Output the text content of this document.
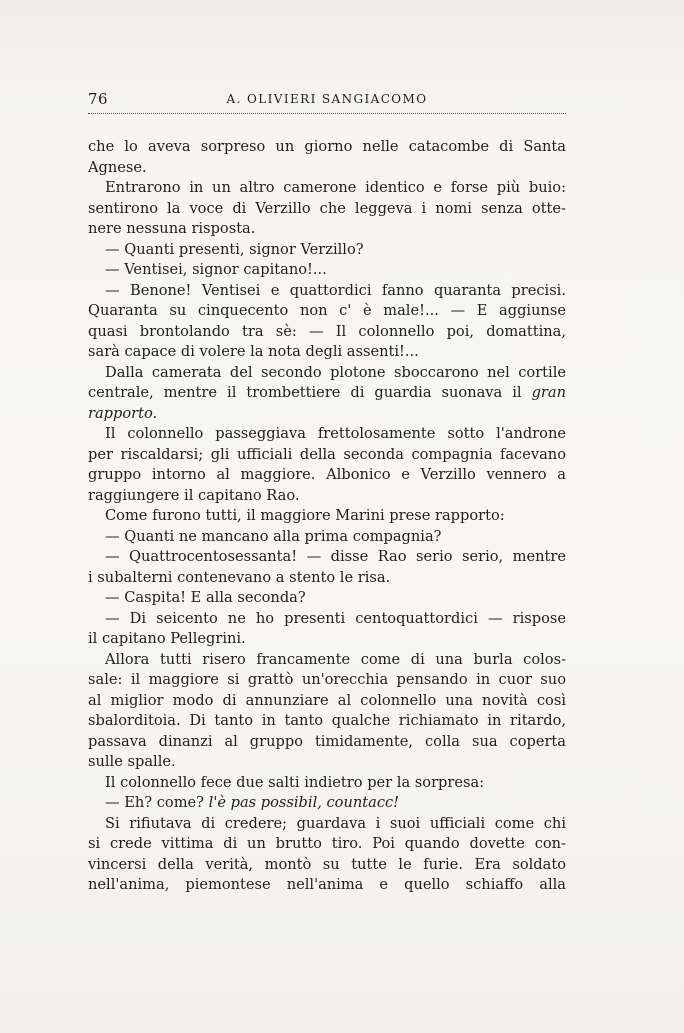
76	A. OLIVIERI SANGIACOMO
che lo aveva sorpreso un giorno nelle catacombe di Santa
Agnese.
Entrarono in un altro camerone identico e forse più buio:
sentirono la voce di Verzillo che leggeva i nomi senza otte-
nere nessuna risposta.
— Quanti presenti, signor Verzillo?
— Ventisei, signor capitano!...
— Benone! Ventisei e quattordici fanno quaranta precisi.
Quaranta su cinquecento non c' è male!... — E aggiunse
quasi brontolando tra sè: — Il colonnello poi, domattina,
sarà capace di volere la nota degli assenti!...
Dalla camerata del secondo plotone sboccarono nel cortile
centrale, mentre il trombettiere di guardia suonava il gran
rapporto.
Il colonnello passeggiava frettolosamente sotto l'androne
per riscaldarsi; gli ufficiali della seconda compagnia facevano
gruppo intorno al maggiore. Albonico e Verzillo vennero a
raggiungere il capitano Rao.
Come furono tutti, il maggiore Marini prese rapporto:
— Quanti ne mancano alla prima compagnia?
— Quattrocentosessanta! — disse Rao serio serio, mentre
i subalterni contenevano a stento le risa.
— Caspita! E alla seconda?
— Di seicento ne ho presenti centoquattordici — rispose
il capitano Pellegrini.
Allora tutti risero francamente come di una burla colos-
sale: il maggiore si grattò un'orecchia pensando in cuor suo
al miglior modo di annunziare al colonnello una novità così
sbalorditoia. Di tanto in tanto qualche richiamato in ritardo,
passava dinanzi al gruppo timidamente, colla sua coperta
sulle spalle.
Il colonnello fece due salti indietro per la sorpresa:
— Eh? come? l'è pas possibil, countacc!
Si rifiutava di credere; guardava i suoi ufficiali come chi
si crede vittima di un brutto tiro. Poi quando dovette con-
vincersi della verità, montò su tutte le furie. Era soldato
nell'anima, piemontese nell'anima e quello schiaffo alla
